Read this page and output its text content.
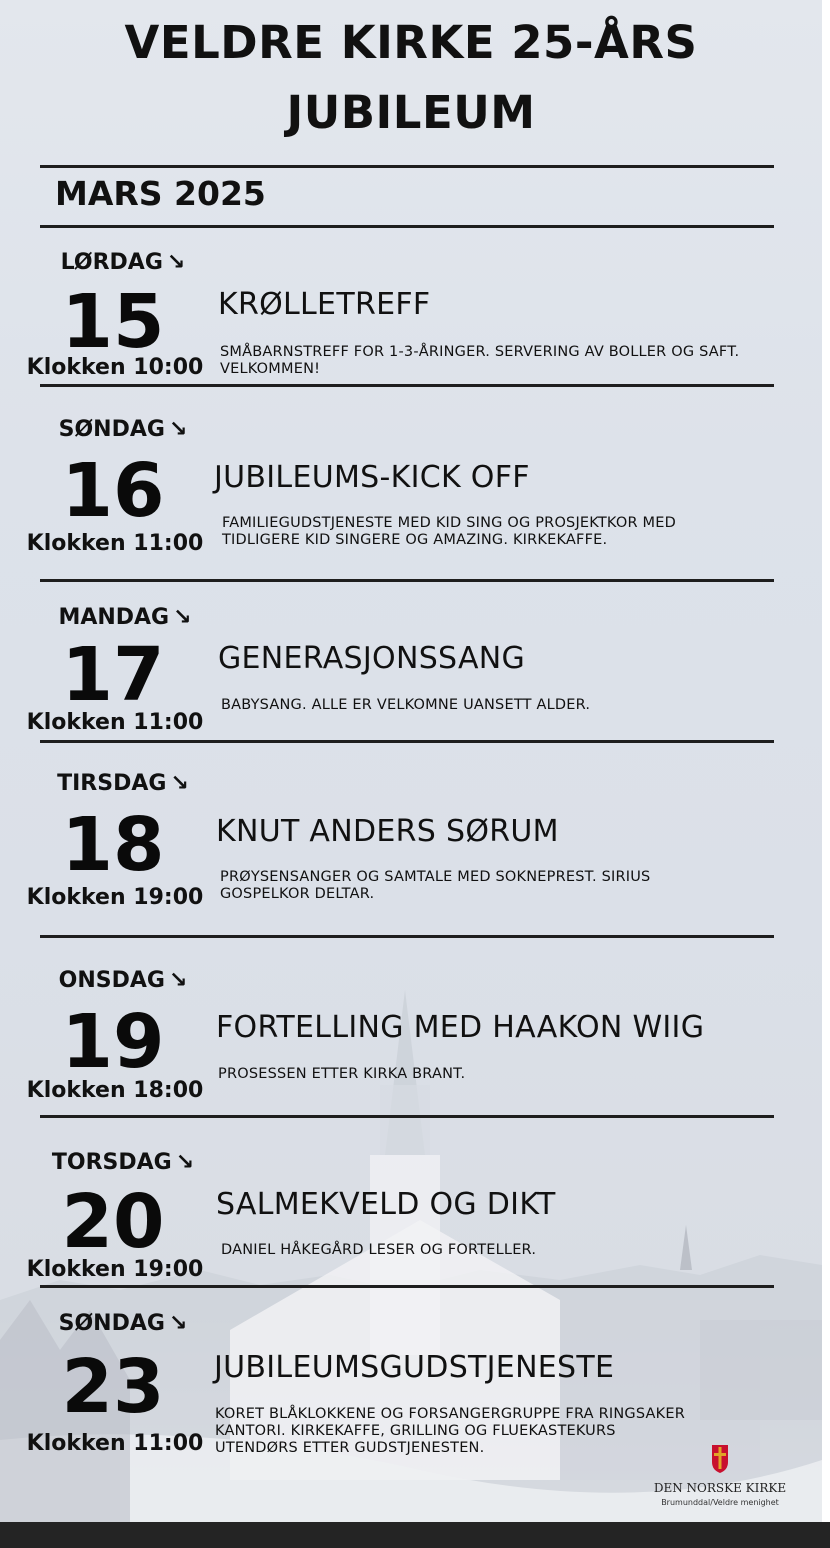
VELDRE KIRKE 25-ÅRS
JUBILEUM
MARS 2025
LØRDAG ↘
15
Klokken 10:00
KRØLLETREFF
SMÅBARNSTREFF FOR 1-3-ÅRINGER. SERVERING AV BOLLER OG SAFT.
VELKOMMEN!
SØNDAG ↘
16
Klokken 11:00
JUBILEUMS-KICK OFF
FAMILIEGUDSTJENESTE MED KID SING OG PROSJEKTKOR MED
TIDLIGERE KID SINGERE OG AMAZING. KIRKEKAFFE.
MANDAG ↘
17
Klokken 11:00
GENERASJONSSANG
BABYSANG. ALLE ER VELKOMNE UANSETT ALDER.
TIRSDAG ↘
18
Klokken 19:00
KNUT ANDERS SØRUM
PRØYSENSANGER OG SAMTALE MED SOKNEPREST. SIRIUS
GOSPELKOR DELTAR.
ONSDAG ↘
19
Klokken 18:00
FORTELLING MED HAAKON WIIG
PROSESSEN ETTER KIRKA BRANT.
TORSDAG ↘
20
Klokken 19:00
SALMEKVELD OG DIKT
DANIEL HÅKEGÅRD LESER OG FORTELLER.
SØNDAG ↘
23
Klokken 11:00
JUBILEUMSGUDSTJENESTE
KORET BLÅKLOKKENE OG FORSANGERGRUPPE FRA RINGSAKER
KANTORI. KIRKEKAFFE, GRILLING OG FLUEKASTEKURS
UTENDØRS ETTER GUDSTJENESTEN.
DEN NORSKE KIRKE
Brumunddal/Veldre menighet
